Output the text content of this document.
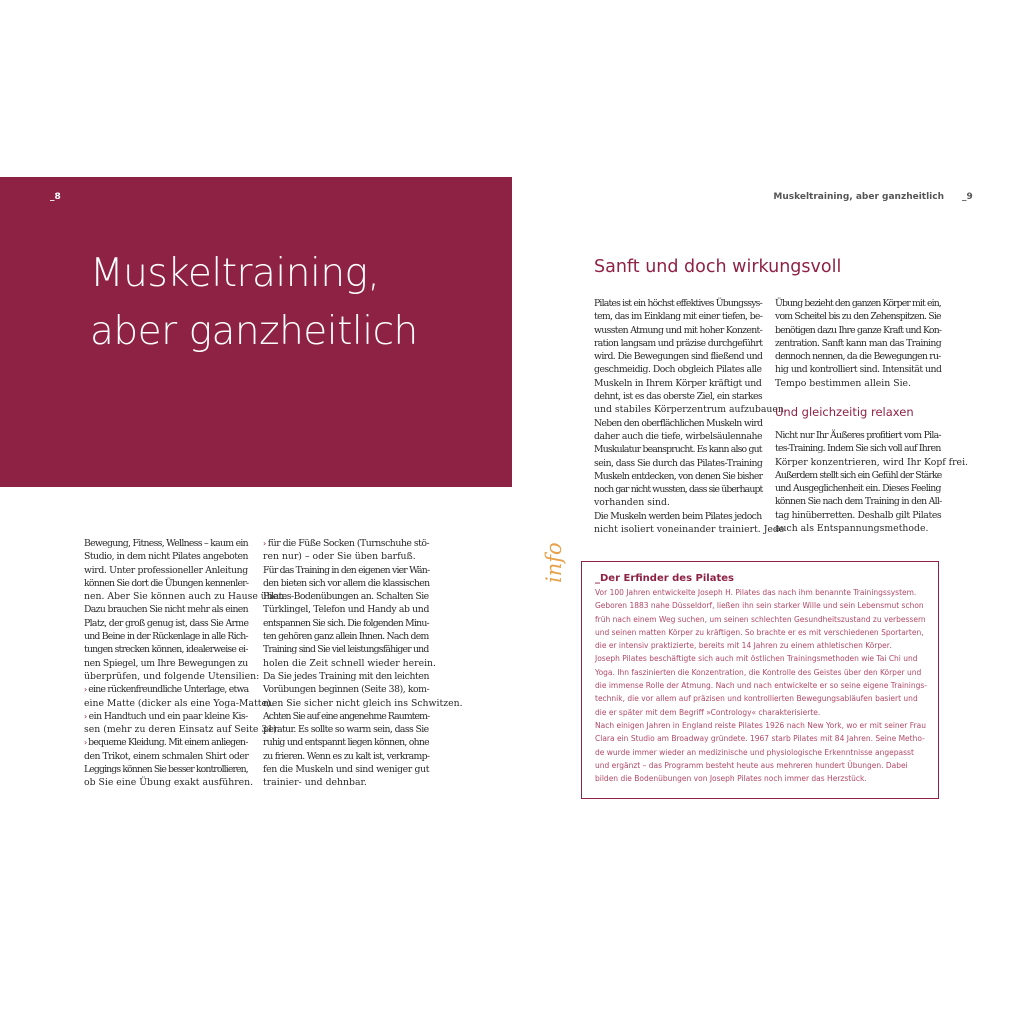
_8
Muskeltraining,
aber ganzheitlich
Bewegung, Fitness, Wellness – kaum ein
Studio, in dem nicht Pilates angeboten
wird. Unter professioneller Anleitung
können Sie dort die Übungen kennenler-
nen. Aber Sie können auch zu Hause üben.
Dazu brauchen Sie nicht mehr als einen
Platz, der groß genug ist, dass Sie Arme
und Beine in der Rückenlage in alle Rich-
tungen strecken können, idealerweise ei-
nen Spiegel, um Ihre Bewegungen zu
überprüfen, und folgende Utensilien:
› eine rückenfreundliche Unterlage, etwa
eine Matte (dicker als eine Yoga-Matte).
› ein Handtuch und ein paar kleine Kis-
sen (mehr zu deren Einsatz auf Seite 31).
› bequeme Kleidung. Mit einem anliegen-
den Trikot, einem schmalen Shirt oder
Leggings können Sie besser kontrollieren,
ob Sie eine Übung exakt ausführen.
› für die Füße Socken (Turnschuhe stö-
ren nur) – oder Sie üben barfuß.
Für das Training in den eigenen vier Wän-
den bieten sich vor allem die klassischen
Pilates-Bodenübungen an. Schalten Sie
Türklingel, Telefon und Handy ab und
entspannen Sie sich. Die folgenden Minu-
ten gehören ganz allein Ihnen. Nach dem
Training sind Sie viel leistungsfähiger und
holen die Zeit schnell wieder herein.
Da Sie jedes Training mit den leichten
Vorübungen beginnen (Seite 38), kom-
men Sie sicher nicht gleich ins Schwitzen.
Achten Sie auf eine angenehme Raumtem-
peratur. Es sollte so warm sein, dass Sie
ruhig und entspannt liegen können, ohne
zu frieren. Wenn es zu kalt ist, verkramp-
fen die Muskeln und sind weniger gut
trainier- und dehnbar.
Muskeltraining, aber ganzheitlich _9
Sanft und doch wirkungsvoll
Pilates ist ein höchst effektives Übungssys-
tem, das im Einklang mit einer tiefen, be-
wussten Atmung und mit hoher Konzent-
ration langsam und präzise durchgeführt
wird. Die Bewegungen sind fließend und
geschmeidig. Doch obgleich Pilates alle
Muskeln in Ihrem Körper kräftigt und
dehnt, ist es das oberste Ziel, ein starkes
und stabiles Körperzentrum aufzubauen.
Neben den oberflächlichen Muskeln wird
daher auch die tiefe, wirbelsäulennahe
Muskulatur beansprucht. Es kann also gut
sein, dass Sie durch das Pilates-Training
Muskeln entdecken, von denen Sie bisher
noch gar nicht wussten, dass sie überhaupt
vorhanden sind.
Die Muskeln werden beim Pilates jedoch
nicht isoliert voneinander trainiert. Jede
Übung bezieht den ganzen Körper mit ein,
vom Scheitel bis zu den Zehenspitzen. Sie
benötigen dazu Ihre ganze Kraft und Kon-
zentration. Sanft kann man das Training
dennoch nennen, da die Bewegungen ru-
hig und kontrolliert sind. Intensität und
Tempo bestimmen allein Sie.
Und gleichzeitig relaxen
Nicht nur Ihr Äußeres profitiert vom Pila-
tes-Training. Indem Sie sich voll auf Ihren
Körper konzentrieren, wird Ihr Kopf frei.
Außerdem stellt sich ein Gefühl der Stärke
und Ausgeglichenheit ein. Dieses Feeling
können Sie nach dem Training in den All-
tag hinüberretten. Deshalb gilt Pilates
auch als Entspannungsmethode.
info	_Der Erfinder des Pilates
Vor 100 Jahren entwickelte Joseph H. Pilates das nach ihm benannte Trainingssystem.
Geboren 1883 nahe Düsseldorf, ließen ihn sein starker Wille und sein Lebensmut schon
früh nach einem Weg suchen, um seinen schlechten Gesundheitszustand zu verbessern
und seinen matten Körper zu kräftigen. So brachte er es mit verschiedenen Sportarten,
die er intensiv praktizierte, bereits mit 14 Jahren zu einem athletischen Körper.
Joseph Pilates beschäftigte sich auch mit östlichen Trainingsmethoden wie Tai Chi und
Yoga. Ihn faszinierten die Konzentration, die Kontrolle des Geistes über den Körper und
die immense Rolle der Atmung. Nach und nach entwickelte er so seine eigene Trainings-
technik, die vor allem auf präzisen und kontrollierten Bewegungsabläufen basiert und
die er später mit dem Begriff »Contrology« charakterisierte.
Nach einigen Jahren in England reiste Pilates 1926 nach New York, wo er mit seiner Frau
Clara ein Studio am Broadway gründete. 1967 starb Pilates mit 84 Jahren. Seine Metho-
de wurde immer wieder an medizinische und physiologische Erkenntnisse angepasst
und ergänzt – das Programm besteht heute aus mehreren hundert Übungen. Dabei
bilden die Bodenübungen von Joseph Pilates noch immer das Herzstück.
